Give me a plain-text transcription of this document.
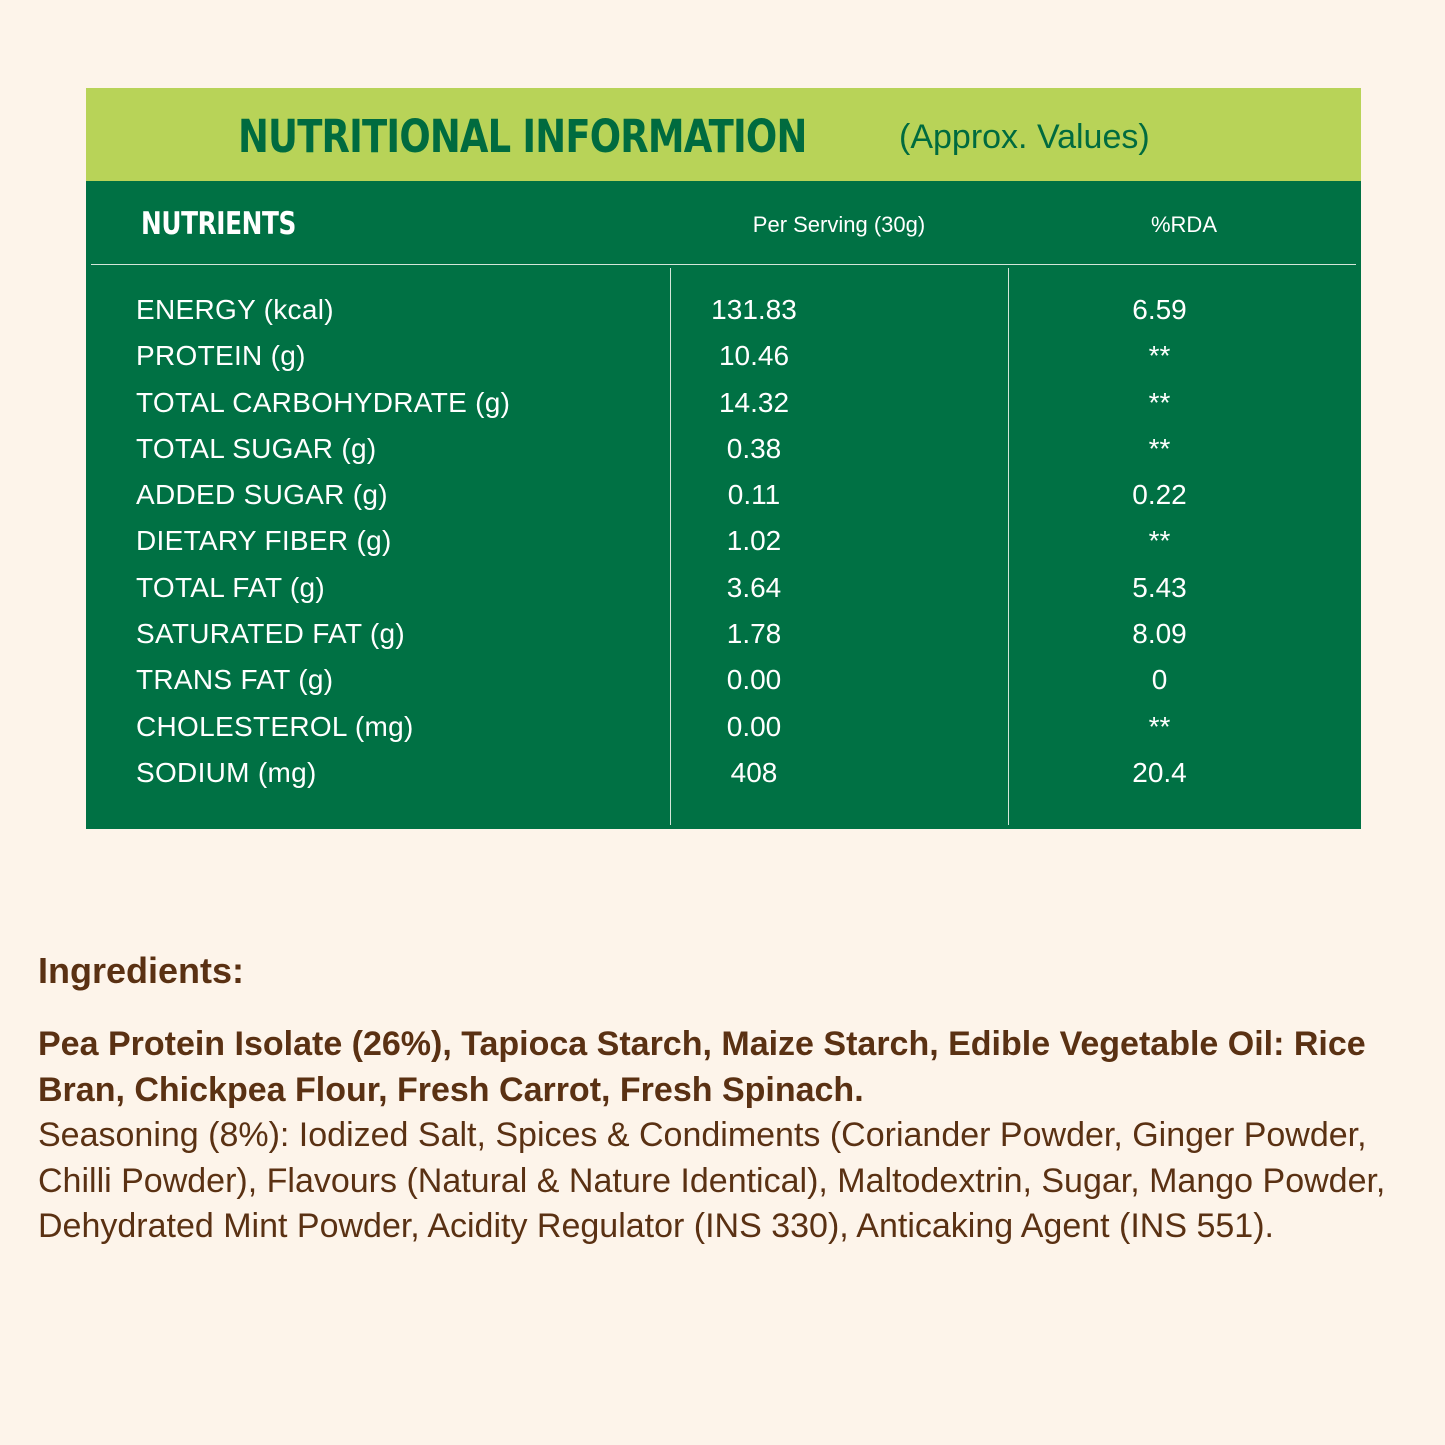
NUTRITIONAL INFORMATION	(Approx. Values)
NUTRIENTS	Per Serving (30g)	%RDA
ENERGY (kcal)	131.83	6.59
PROTEIN (g)	10.46	**
TOTAL CARBOHYDRATE (g)	14.32	**
TOTAL SUGAR (g)	0.38	**
ADDED SUGAR (g)	0.11	0.22
DIETARY FIBER (g)	1.02	**
TOTAL FAT (g)	3.64	5.43
SATURATED FAT (g)	1.78	8.09
TRANS FAT (g)	0.00	0
CHOLESTEROL (mg)	0.00	**
SODIUM (mg)	408	20.4
Ingredients:
Pea Protein Isolate (26%), Tapioca Starch, Maize Starch, Edible Vegetable Oil: Rice Bran, Chickpea Flour, Fresh Carrot, Fresh Spinach.
Seasoning (8%): Iodized Salt, Spices & Condiments (Coriander Powder, Ginger Powder, Chilli Powder), Flavours (Natural & Nature Identical), Maltodextrin, Sugar, Mango Powder, Dehydrated Mint Powder, Acidity Regulator (INS 330), Anticaking Agent (INS 551).
